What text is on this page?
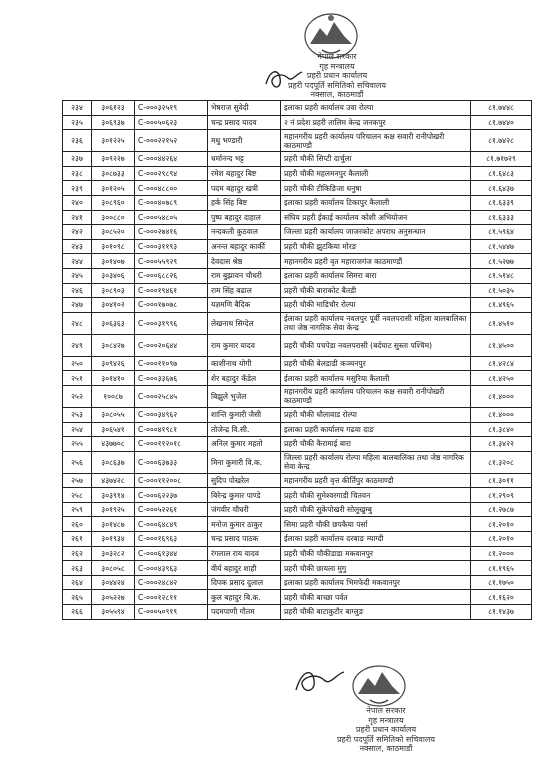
नेपाल सरकार
गृह मन्त्रालय
प्रहरी प्रधान कार्यालय
प्रहरी पदपूर्ति समितिको सचिवालय
नक्साल, काठमाडौं
२३४	३०६१२३	C-०००३२५१९	भेषराज सुवेदी	इलाका प्रहरी कार्यालय उवा रोल्पा	८१.७४४८
२३५	३०६९३७	C-०००५०६२३	चन्द्र प्रसाद यादव	२ नं प्रदेश प्रहरी तालिम केन्द्र जनकपुर	८१.७४४०
२३६	३०१२२५	C-०००२२१५२	मधु भण्डारी	महानगरीय प्रहरी कार्यालय परिचालन कक्ष सवारी रानीपोखरी काठमाण्डौ	८१.७४२८
२३७	३०९२२७	C-०००४४२६४	धर्मानन्द भट्ट	प्रहरी चौकी सिप्टी दार्चुला	८१.७१७२९
२३८	३०८७३३	C-०००२९८९४	रमेश बहादुर बिष्ट	प्रहरी चौकी महलमनपुर कैलाली	८१.६४८३
२३९	३०१२०५	C-०००४८८००	पदम बहादुर खत्री	प्रहरी चौकी टीकिङिजा धनुषा	८१.६४३७
२४०	३०८९६०	C-०००४०७८९	हर्क सिंह बिष्ट	इलाका प्रहरी कार्यालय टिकापुर कैलाली	८१.६३३९
२४१	३००८८०	C-०००५४८०५	पुष्प बहादुर दाहाल	संघिय प्रहरी ईकाई कार्यालय कोशी अभियोजन	८१.६३३३
२४२	३०८५२०	C-०००२७४१६	नन्दकली कुठवाल	जिल्ला प्रहरी कार्यालय जाजरकोट अपराध अनुसन्धान	८१.५९६४
२४३	३०१०९८	C-०००३११९३	अनन्त बहादुर कार्की	प्रहरी चौकी झुटकिया मोरङ	८१.५४४७
२४४	३०१४०७	C-०००५५९२९	देवदास श्रेष्ठ	महानगरीय प्रहरी वृत महाराजगंज काठमाण्डौं	८१.५२७७
२४५	३०३४०६	C-०००६८८२६	राम बुझावन चौधरी	इलाका प्रहरी कार्यालय सिमरा बारा	८१.५१४८
२४६	३०८९०३	C-०००१९४६१	राम सिंह बढाल	प्रहरी चौकी बाराकोट बैतडी	८१.५०३५
२४७	३०४१०२	C-०००१७०७८	यज्ञमणि बैदिक	प्रहरी चौकी माडिचौर रोल्पा	८१.४९६५
२४८	३०६३६३	C-०००३१९९६	लेखनाथ सिग्देल	ईलाका प्रहरी कार्यालय नवलपुर पूर्वी नवलपरासी महिला बालबालिका तथा जेष्ठ नागरिक सेवा केन्द्र	८१.४५१०
२४९	३०८४२७	C-०००२०६४४	राम कुमार यादव	प्रहरी चौकी पचपेडा नवलपरासी (बर्दघाट सुस्ता पश्चिम)	८१.४५००
२५०	३०९४२६	C-०००११०९७	काशीनाथ योगी	प्रहरी चौकी बेलडाडी कञ्चनपुर	८१.४२८४
२५१	३०१४१०	C-०००३३६७६	शेर बहादुर कँडेल	ईलाका प्रहरी कार्यालय मसुरिया कैलाली	८१.४२५०
२५२	१००८७	C-०००२५८४५	बिझुले भुजेल	महानगरीय प्रहरी कार्यालय परिचालन कक्ष सवारी रानीपोखरी काठमाण्डौ	८१.४०००
२५३	३०८०५५	C-०००३४९६२	शान्ति कुमारी जैसी	प्रहरी चौकी धौलावाड रोल्पा	८१.४०००
२५४	३०६५४१	C-०००४१९८१	तोजेन्द्र वि.सी.	इलाका प्रहरी कार्यालय गढवा दाङ	८१.३८४०
२५५	४३७७०८	C-०००११२०१८	अनिल कुमार महतो	प्रहरी चौकी कैरामाई बारा	८१.३४२२
२५६	३०८६३७	C-०००६३७३३	मिना कुमारी वि.क.	जिल्ला प्रहरी कार्यालय रोल्पा महिला बालबालिका तथा जेष्ठ नागरिक सेवा केन्द्र	८१.३२०८
२५७	४३७४२८	C-०००११२००८	सुदिप पोखरेल	महानगरीय प्रहरी वृत्त कीर्तिपुर काठमाण्डौ	८१.३०११
२५८	३०३९१४	C-०००६२२३७	बिरेन्द्र कुमार पाण्डे	प्रहरी चौकी सुमेश्वरगाडी चितवन	८१.२९०९
२५९	३०१९२५	C-०००५२२६१	जंगवीर चौधरी	प्रहरी चौकी सुकेपोखरी सोलुखुम्बु	८१.२७८७
२६०	३०१४८७	C-०००६४८४९	मनोज कुमार ठाकुर	सिमा प्रहरी चौकी छपकैया पर्सा	८१.२०१०
२६१	३०१९३४	C-०००१६९६३	चन्द्र प्रसाद पाठक	ईलाका प्रहरी कार्यालय दरबाङ म्याग्दी	८१.२०१०
२६२	३०३२८२	C-०००६१३४४	रंगलाल राय यादव	प्रहरी चौकी चौकीडाडा मकवानपुर	८१.२०००
२६३	३०८०५८	C-०००४३९६३	वीर्य बहादुर शाही	प्रहरी चौकी छायला मुगु	८१.१९६५
२६४	३०४४२४	C-०००२४८४२	दिपक प्रसाद दुलाल	इलाका प्रहरी कार्यालय भिमफेदी मकवानपुर	८१.१७५०
२६५	३०५२२७	C-०००१२८११	कुल बहादुर बि.क.	प्रहरी चौकी बाच्छा पर्वत	८१.१६२०
२६६	३०५५९४	C-०००५०९१९	पदमपाणी गौतम	प्रहरी चौकी बाटाकुटौर बाग्लुङ	८१.१४३७
नेपाल सरकार
गृह मन्त्रालय
प्रहरी प्रधान कार्यालय
प्रहरी पदपूर्ति समितिको सचिवालय
नक्साल, काठमाडौं
